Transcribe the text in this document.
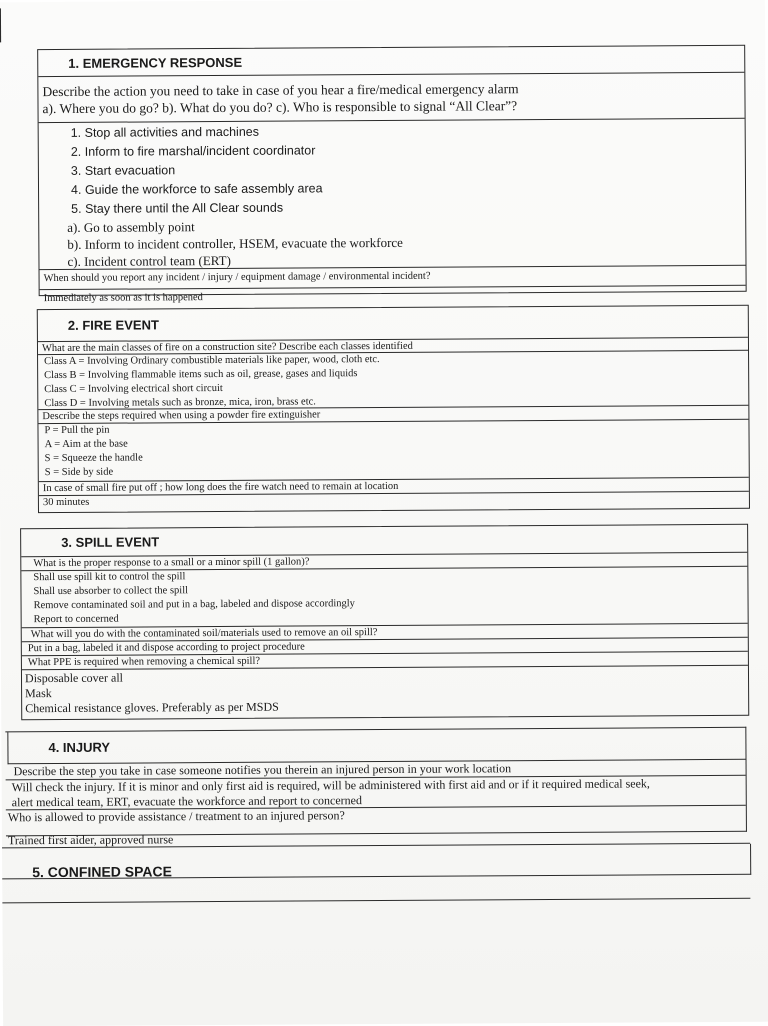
1. EMERGENCY RESPONSE
Describe the action you need to take in case of you hear a fire/medical emergency alarm
a). Where you do go? b). What do you do? c). Who is responsible to signal “All Clear”?
1. Stop all activities and machines
2. Inform to fire marshal/incident coordinator
3. Start evacuation
4. Guide the workforce to safe assembly area
5. Stay there until the All Clear sounds
a). Go to assembly point
b). Inform to incident controller, HSEM, evacuate the workforce
c). Incident control team (ERT)
When should you report any incident / injury / equipment damage / environmental incident?
Immediately as soon as it is happened
2. FIRE EVENT
What are the main classes of fire on a construction site? Describe each classes identified
Class A = Involving Ordinary combustible materials like paper, wood, cloth etc.
Class B = Involving flammable items such as oil, grease, gases and liquids
Class C = Involving electrical short circuit
Class D = Involving metals such as bronze, mica, iron, brass etc.
Describe the steps required when using a powder fire extinguisher
P = Pull the pin
A = Aim at the base
S = Squeeze the handle
S = Side by side
In case of small fire put off ; how long does the fire watch need to remain at location
30 minutes
3. SPILL EVENT
What is the proper response to a small or a minor spill (1 gallon)?
Shall use spill kit to control the spill
Shall use absorber to collect the spill
Remove contaminated soil and put in a bag, labeled and dispose accordingly
Report to concerned
What will you do with the contaminated soil/materials used to remove an oil spill?
Put in a bag, labeled it and dispose according to project procedure
What PPE is required when removing a chemical spill?
Disposable cover all
Mask
Chemical resistance gloves. Preferably as per MSDS
4. INJURY
Describe the step you take in case someone notifies you therein an injured person in your work location
Will check the injury. If it is minor and only first aid is required, will be administered with first aid and or if it required medical seek,
alert medical team, ERT, evacuate the workforce and report to concerned
Who is allowed to provide assistance / treatment to an injured person?
Trained first aider, approved nurse
5. CONFINED SPACE
